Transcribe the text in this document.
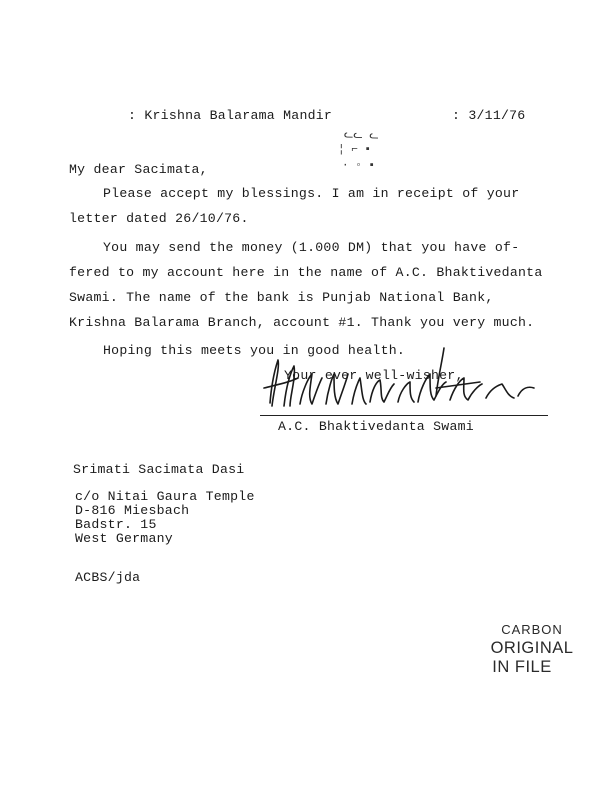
: Krishna Balarama Mandir	: 3/11/76
ᓚᓚ ᓚ
¦ ⌐ ▪
· ◦ ▪
My dear Sacimata,
Please accept my blessings. I am in receipt of your
letter dated 26/10/76.
You may send the money (1.000 DM) that you have of-
fered to my account here in the name of A.C. Bhaktivedanta
Swami. The name of the bank is Punjab National Bank,
Krishna Balarama Branch, account #1. Thank you very much.
Hoping this meets you in good health.
Your ever well-wisher,
A.C. Bhaktivedanta Swami
Srimati Sacimata Dasi
c/o Nitai Gaura Temple
D-816 Miesbach
Badstr. 15
West Germany
ACBS/jda
CARBON
ORIGINAL
IN FILE
